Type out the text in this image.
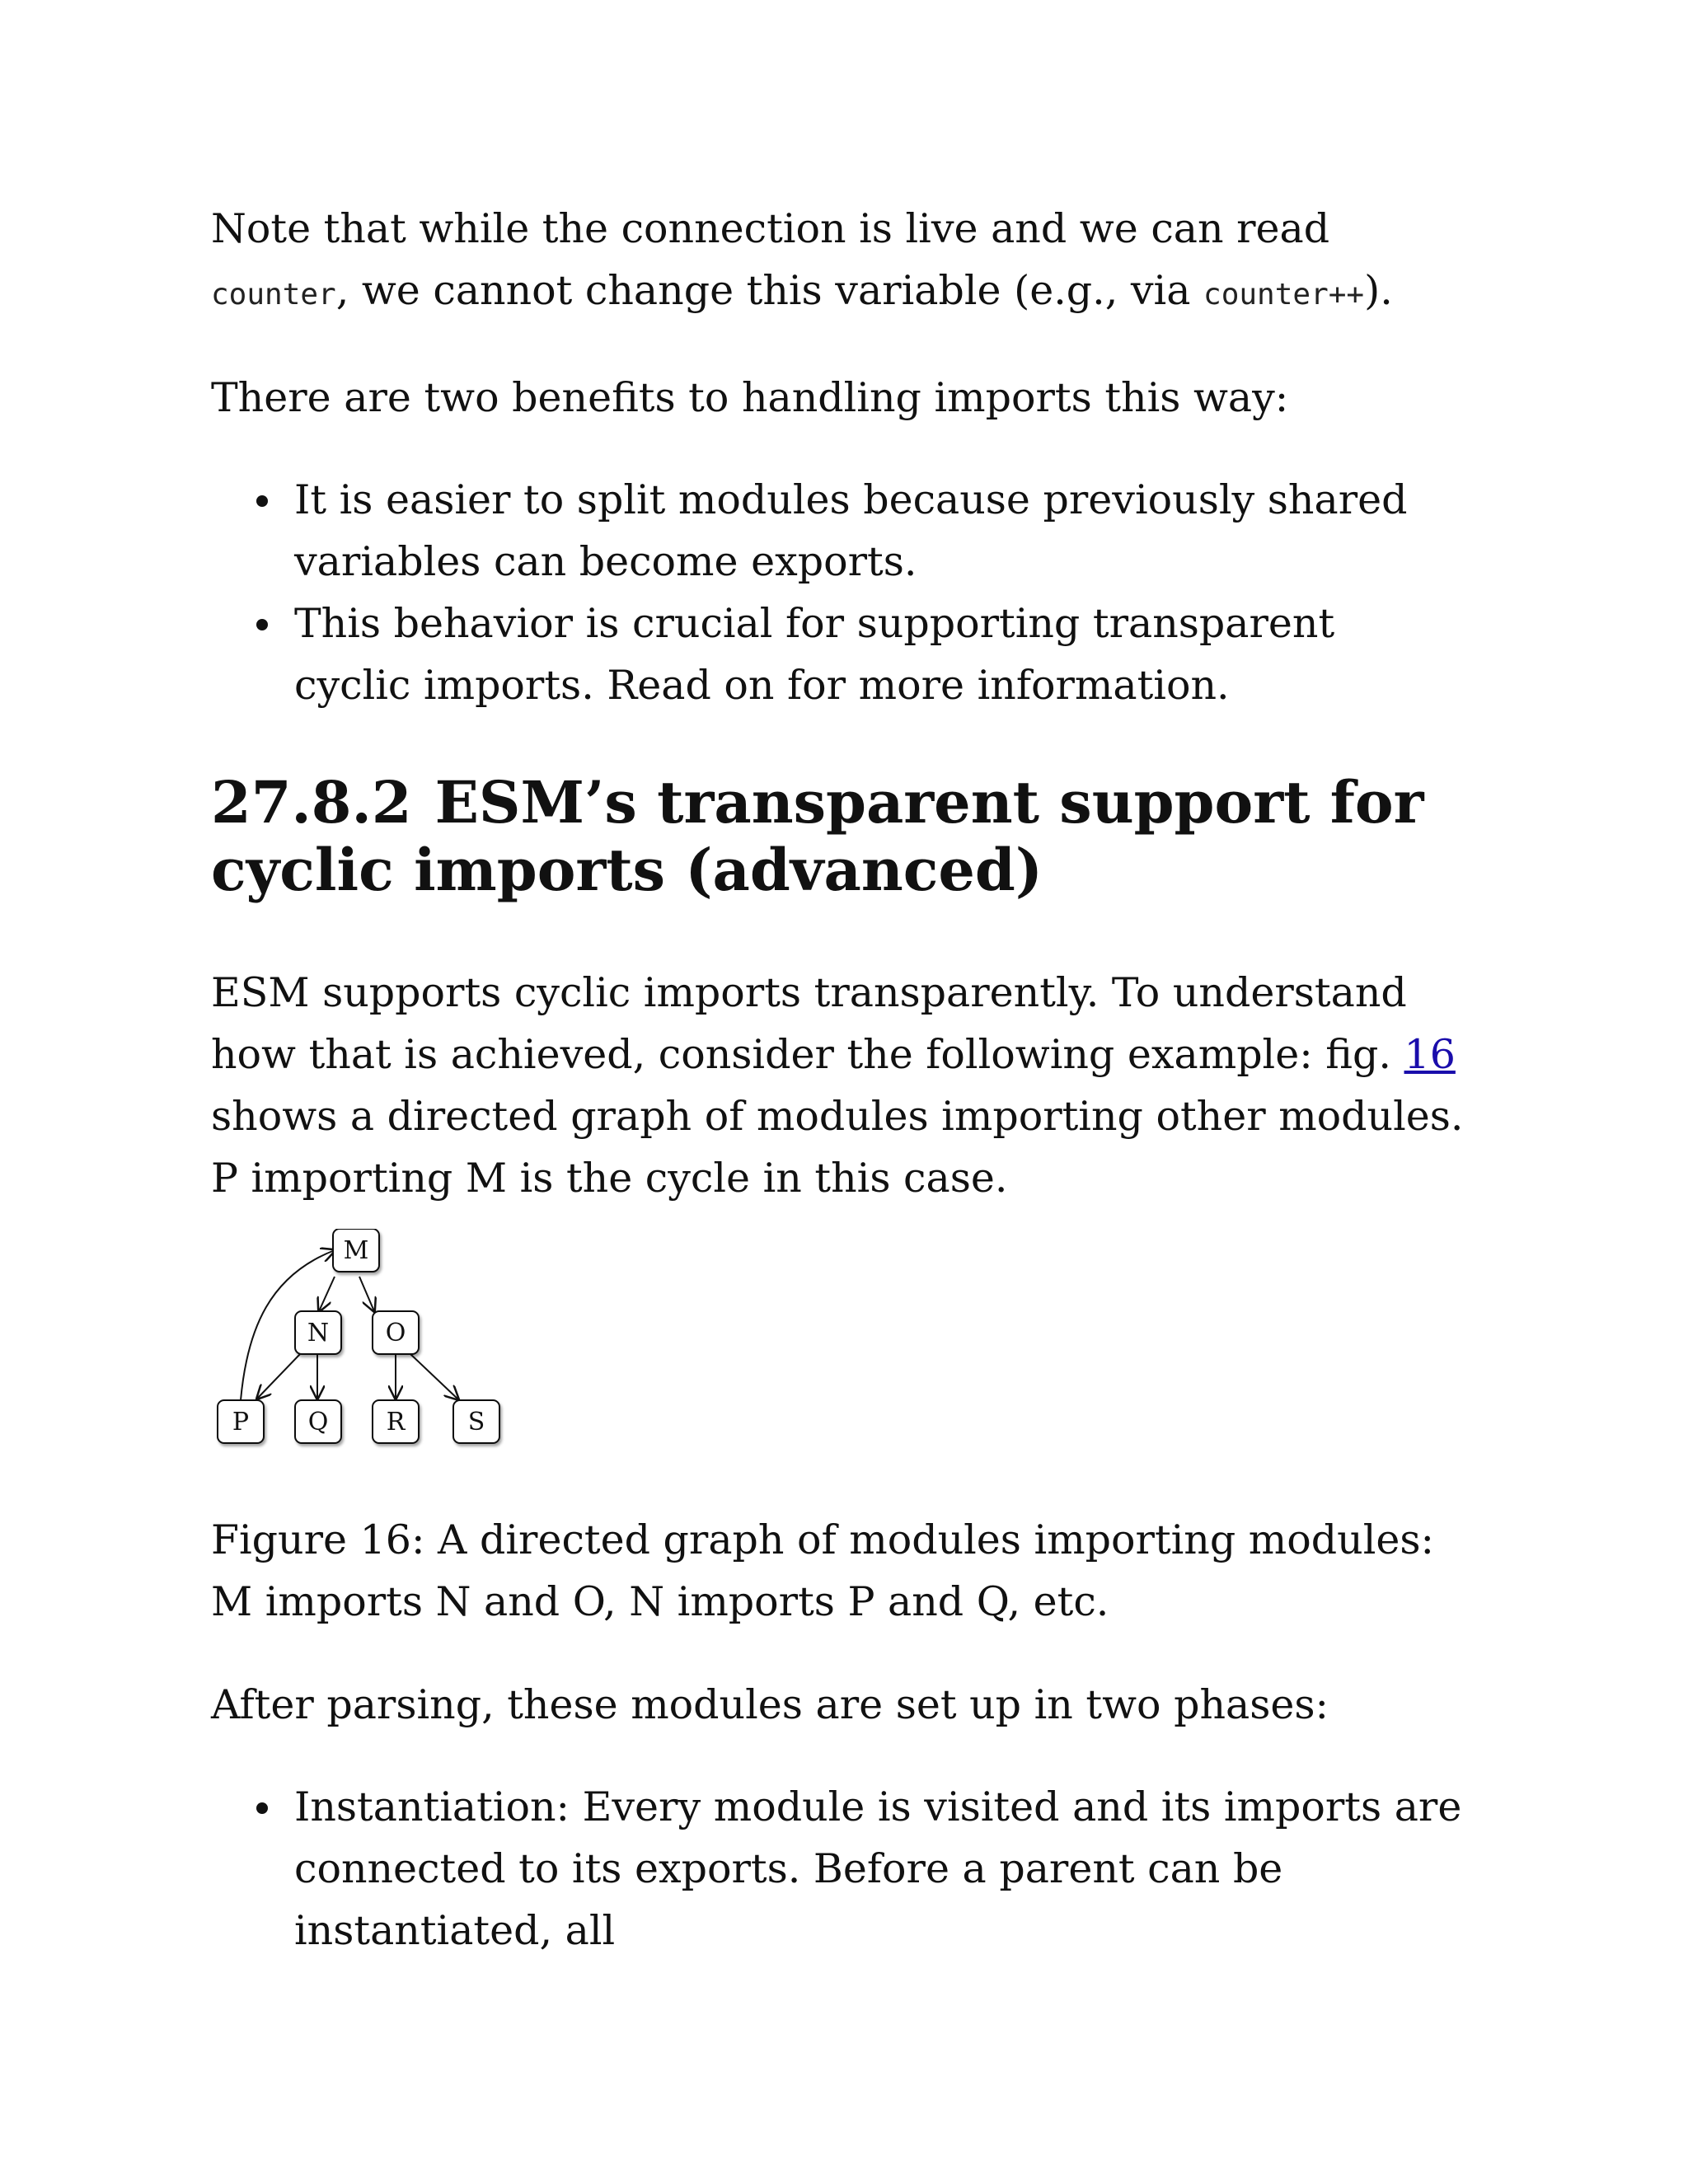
Note that while the connection is live and we can read counter, we cannot change this variable (e.g., via counter++).

There are two benefits to handling imports this way:

It is easier to split modules because previously shared variables can become exports.
This behavior is crucial for supporting transparent cyclic imports. Read on for more information.
27.8.2 ESM’s transparent support for cyclic imports (advanced)

ESM supports cyclic imports transparently. To understand how that is achieved, consider the following example: fig. 16 shows a directed graph of modules importing other modules. P importing M is the cycle in this case.

M
N O
P Q R	S

Figure 16: A directed graph of modules importing modules: M imports N and O, N imports P and Q, etc.

After parsing, these modules are set up in two phases:

Instantiation: Every module is visited and its imports are connected to its exports. Before a parent can be instantiated, all
